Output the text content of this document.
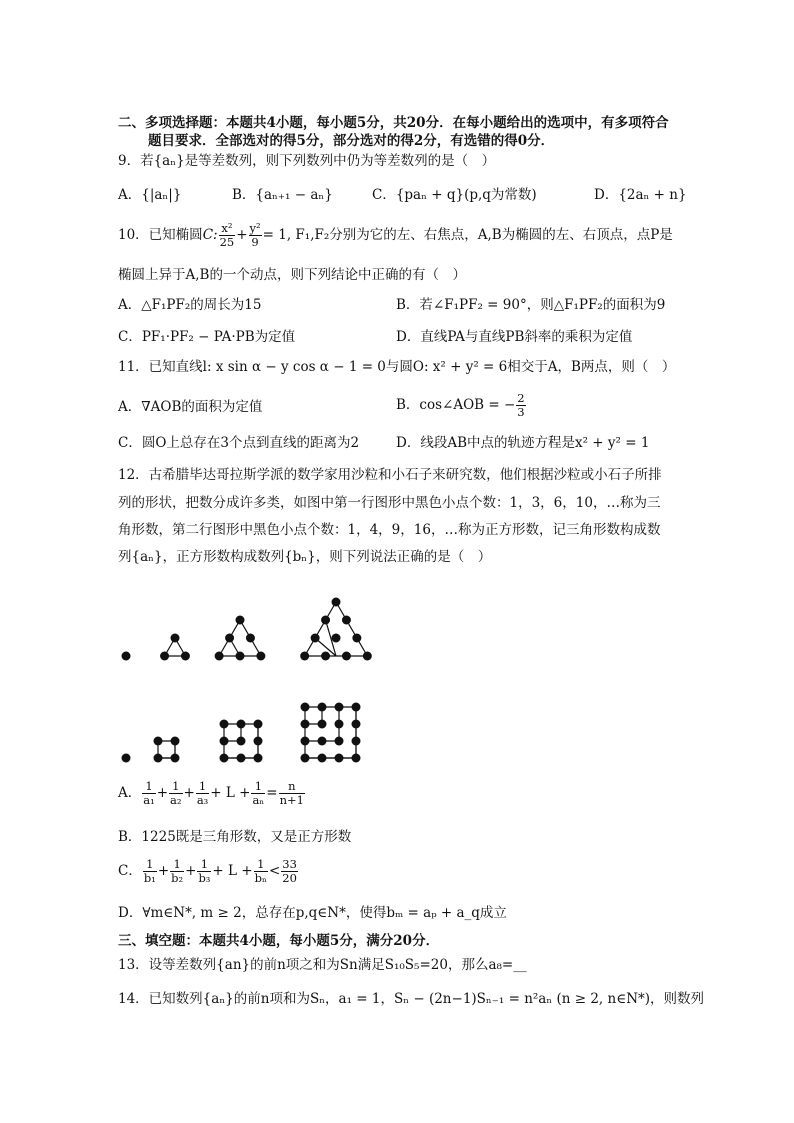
二、多项选择题：本题共4小题，每小题5分，共20分．在每小题给出的选项中，有多项符合
题目要求．全部选对的得5分，部分选对的得2分，有选错的得0分．
9．若{aₙ}是等差数列，则下列数列中仍为等差数列的是（　）
A．{|aₙ|}	B．{aₙ₊₁ − aₙ}	C．{paₙ + q}(p,q为常数)	D．{2aₙ + n}
10．已知椭圆C: $\frac{\text{x²}}{25} + \frac{\text{y²}}{9} = 1$, F₁,F₂分别为它的左、右焦点，A,B为椭圆的左、右顶点，点P是
椭圆上异于A,B的一个动点，则下列结论中正确的有（　）
A．△F₁PF₂的周长为15	B．若∠F₁PF₂ = 90°，则△F₁PF₂的面积为9
C．PF₁·PF₂ − PA·PB为定值	D．直线PA与直线PB斜率的乘积为定值
11．已知直线l: x sin α − y cos α − 1 = 0与圆O: x² + y² = 6相交于A，B两点，则（　）
A．∇AOB的面积为定值	B．cos∠AOB = − $\frac{2}{3}$
C．圆O上总存在3个点到直线的距离为2	D．线段AB中点的轨迹方程是x² + y² = 1
12．古希腊毕达哥拉斯学派的数学家用沙粒和小石子来研究数，他们根据沙粒或小石子所排
列的形状，把数分成许多类，如图中第一行图形中黑色小点个数：1，3，6，10，…称为三
角形数，第二行图形中黑色小点个数：1，4，9，16，…称为正方形数，记三角形数构成数
列{aₙ}，正方形数构成数列{bₙ}，则下列说法正确的是（　）
A． $\frac{1}{\text{a₁}} + \frac{1}{\text{a₂}} + \frac{1}{\text{a₃}} + L + \frac{1}{\text{aₙ}} = \frac{n}{n+1}$
B．1225既是三角形数，又是正方形数
C． $\frac{1}{\text{b₁}} + \frac{1}{\text{b₂}} + \frac{1}{\text{b₃}} + L + \frac{1}{\text{bₙ}} < \frac{33}{20}$
D．∀m∈N*, m ≥ 2，总存在p,q∈N*，使得bₘ = aₚ + a_q成立
三、填空题：本题共4小题，每小题5分，满分20分．
13．设等差数列{an}的前n项之和为Sn满足S₁₀S₅=20，那么a₈=__
14．已知数列{aₙ}的前n项和为Sₙ，a₁ = 1，Sₙ − (2n−1)Sₙ₋₁ = n²aₙ (n ≥ 2, n∈N*)，则数列
